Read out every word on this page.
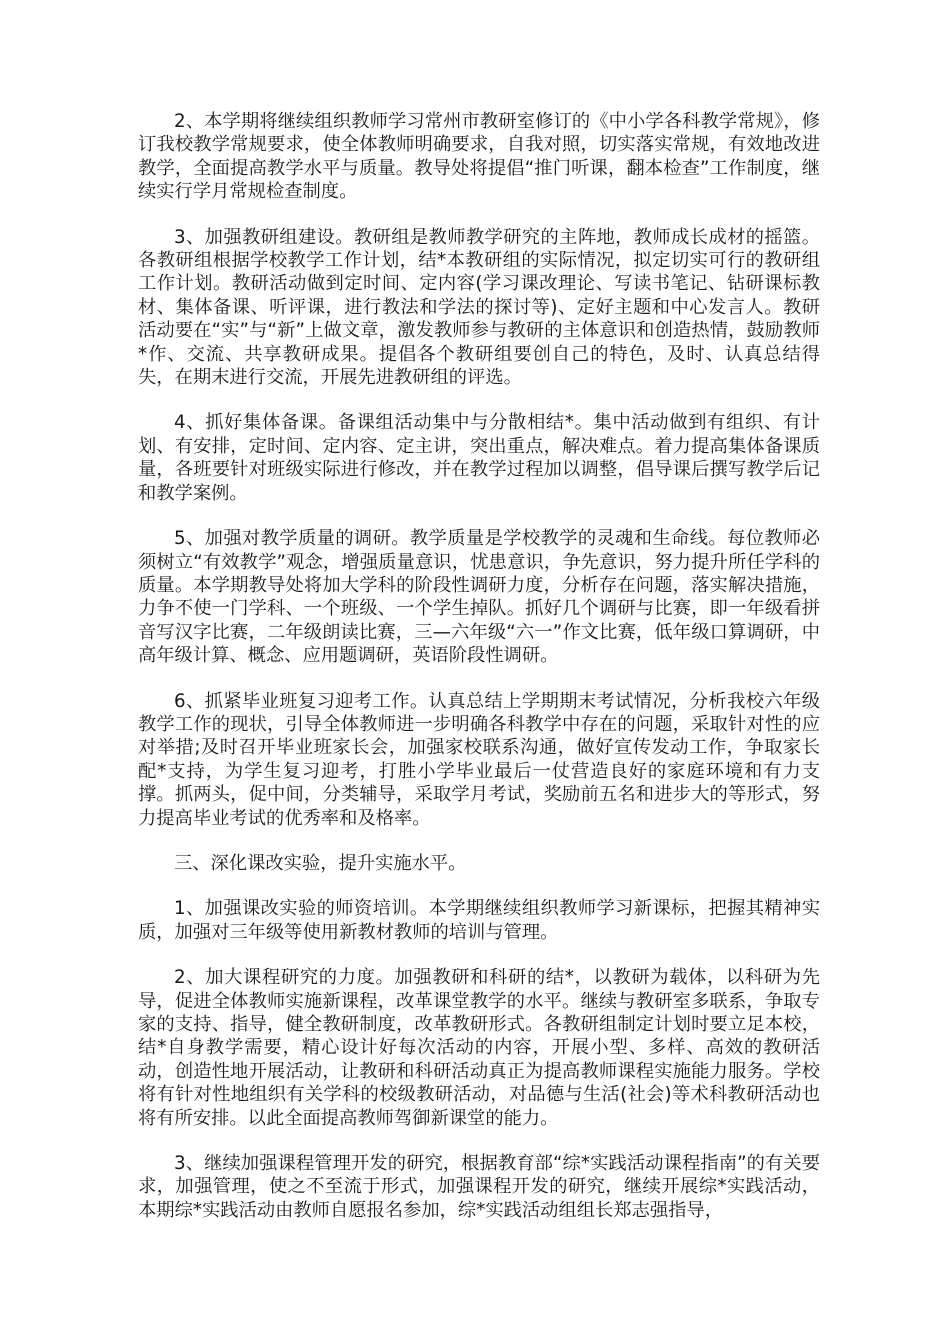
2、本学期将继续组织教师学习常州市教研室修订的《中小学各科教学常规》，修订我校教学常规要求，使全体教师明确要求，自我对照，切实落实常规，有效地改进教学，全面提高教学水平与质量。教导处将提倡“推门听课，翻本检查”工作制度，继续实行学月常规检查制度。

3、加强教研组建设。教研组是教师教学研究的主阵地，教师成长成材的摇篮。各教研组根据学校教学工作计划，结*本教研组的实际情况，拟定切实可行的教研组工作计划。教研活动做到定时间、定内容(学习课改理论、写读书笔记、钻研课标教材、集体备课、听评课，进行教法和学法的探讨等)、定好主题和中心发言人。教研活动要在“实”与“新”上做文章，激发教师参与教研的主体意识和创造热情，鼓励教师*作、交流、共享教研成果。提倡各个教研组要创自己的特色，及时、认真总结得失，在期末进行交流，开展先进教研组的评选。

4、抓好集体备课。备课组活动集中与分散相结*。集中活动做到有组织、有计划、有安排，定时间、定内容、定主讲，突出重点，解决难点。着力提高集体备课质量，各班要针对班级实际进行修改，并在教学过程加以调整，倡导课后撰写教学后记和教学案例。

5、加强对教学质量的调研。教学质量是学校教学的灵魂和生命线。每位教师必须树立“有效教学”观念，增强质量意识，忧患意识，争先意识，努力提升所任学科的质量。本学期教导处将加大学科的阶段性调研力度，分析存在问题，落实解决措施，力争不使一门学科、一个班级、一个学生掉队。抓好几个调研与比赛，即一年级看拼音写汉字比赛，二年级朗读比赛，三—六年级“六一”作文比赛，低年级口算调研，中高年级计算、概念、应用题调研，英语阶段性调研。

6、抓紧毕业班复习迎考工作。认真总结上学期期末考试情况，分析我校六年级教学工作的现状，引导全体教师进一步明确各科教学中存在的问题，采取针对性的应对举措;及时召开毕业班家长会，加强家校联系沟通，做好宣传发动工作，争取家长配*支持，为学生复习迎考，打胜小学毕业最后一仗营造良好的家庭环境和有力支撑。抓两头，促中间，分类辅导，采取学月考试，奖励前五名和进步大的等形式，努力提高毕业考试的优秀率和及格率。

三、深化课改实验，提升实施水平。

1、加强课改实验的师资培训。本学期继续组织教师学习新课标，把握其精神实质，加强对三年级等使用新教材教师的培训与管理。

2、加大课程研究的力度。加强教研和科研的结*，以教研为载体，以科研为先导，促进全体教师实施新课程，改革课堂教学的水平。继续与教研室多联系，争取专家的支持、指导，健全教研制度，改革教研形式。各教研组制定计划时要立足本校，结*自身教学需要，精心设计好每次活动的内容，开展小型、多样、高效的教研活动，创造性地开展活动，让教研和科研活动真正为提高教师课程实施能力服务。学校将有针对性地组织有关学科的校级教研活动，对品德与生活(社会)等术科教研活动也将有所安排。以此全面提高教师驾御新课堂的能力。

3、继续加强课程管理开发的研究，根据教育部“综*实践活动课程指南”的有关要求，加强管理，使之不至流于形式，加强课程开发的研究，继续开展综*实践活动，本期综*实践活动由教师自愿报名参加，综*实践活动组组长郑志强指导，
